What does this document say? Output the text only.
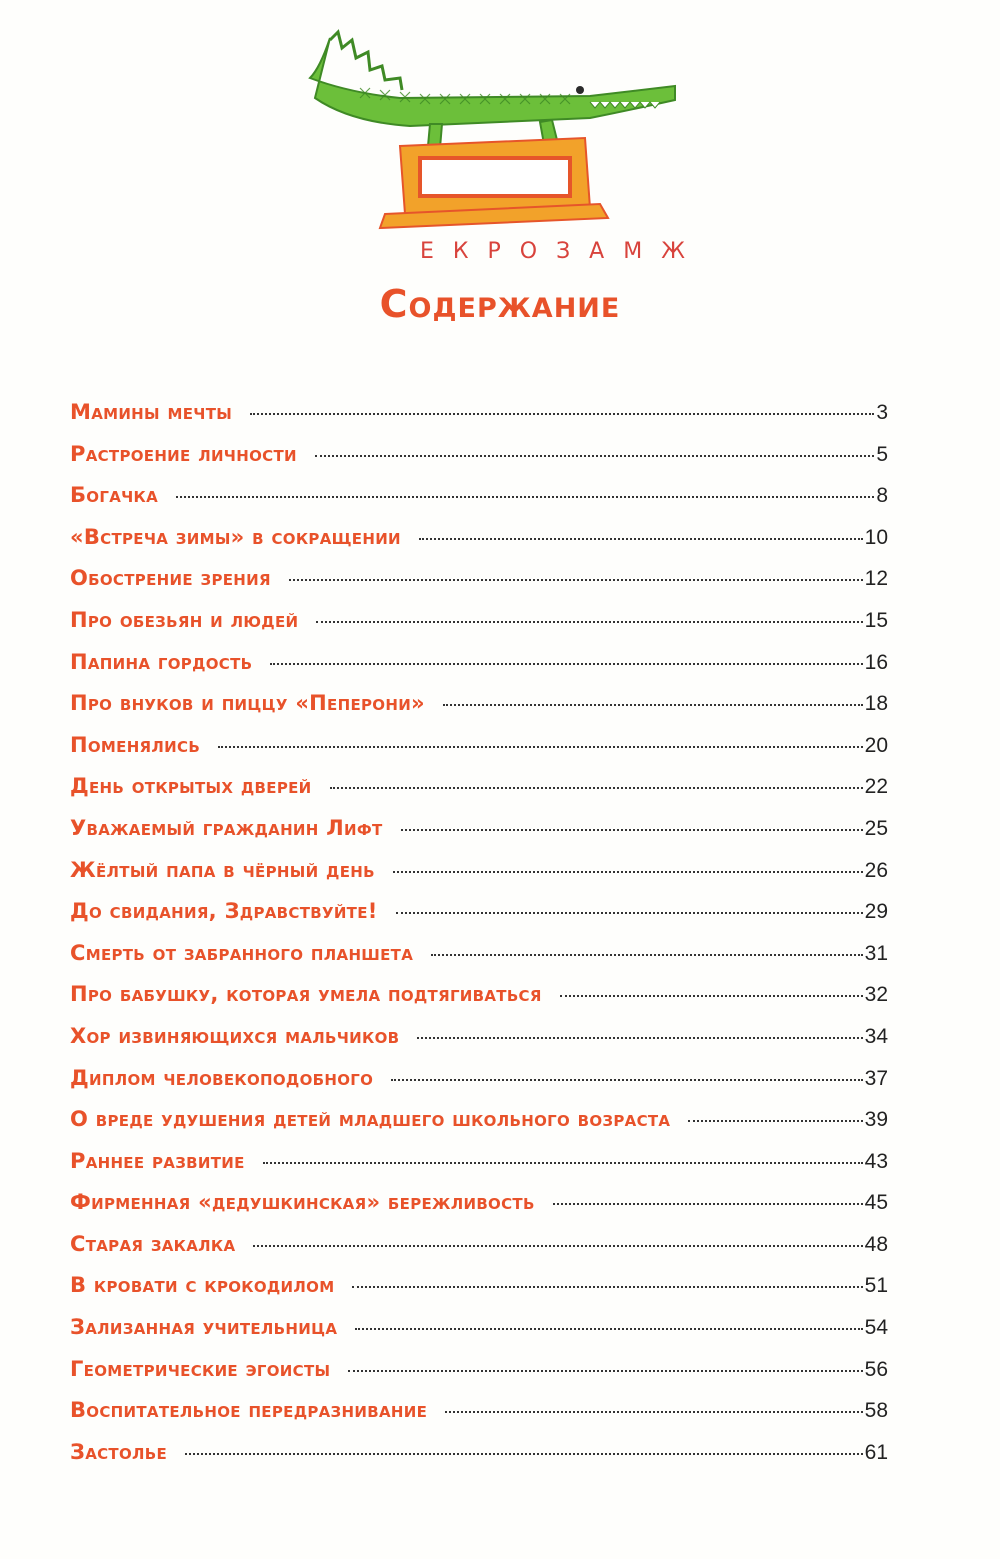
Е К Р О З А М Ж
Содержание
Мамины мечты	3
Растроение личности	5
Богачка	8
«Встреча зимы» в сокращении	10
Обострение зрения	12
Про обезьян и людей	15
Папина гордость	16
Про внуков и пиццу «Пеперони»	18
Поменялись	20
День открытых дверей	22
Уважаемый гражданин Лифт	25
Жёлтый папа в чёрный день	26
До свидания, Здравствуйте!	29
Смерть от забранного планшета	31
Про бабушку, которая умела подтягиваться	32
Хор извиняющихся мальчиков	34
Диплом человекоподобного	37
О вреде удушения детей младшего школьного возраста	39
Раннее развитие	43
Фирменная «дедушкинская» бережливость	45
Старая закалка	48
В кровати с крокодилом	51
Зализанная учительница	54
Геометрические эгоисты	56
Воспитательное передразнивание	58
Застолье	61
